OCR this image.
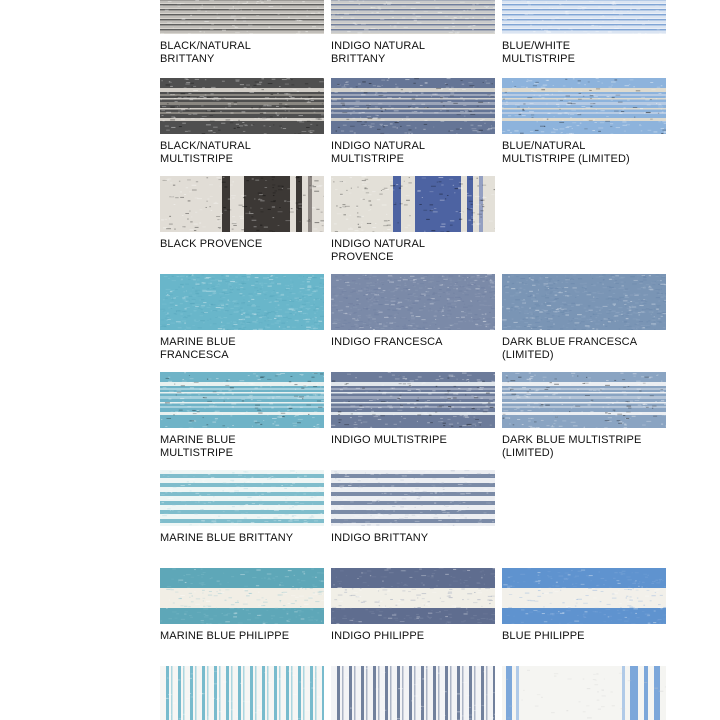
BLACK/NATURAL
BRITTANY
INDIGO NATURAL
BRITTANY
BLUE/WHITE
MULTISTRIPE
BLACK/NATURAL
MULTISTRIPE
INDIGO NATURAL
MULTISTRIPE
BLUE/NATURAL
MULTISTRIPE (LIMITED)
BLACK PROVENCE	INDIGO NATURAL
PROVENCE
MARINE BLUE
FRANCESCA
INDIGO FRANCESCA	DARK BLUE FRANCESCA
(LIMITED)
MARINE BLUE
MULTISTRIPE
INDIGO MULTISTRIPE	DARK BLUE MULTISTRIPE
(LIMITED)
MARINE BLUE BRITTANY	INDIGO BRITTANY
MARINE BLUE PHILIPPE	INDIGO PHILIPPE	BLUE PHILIPPE
